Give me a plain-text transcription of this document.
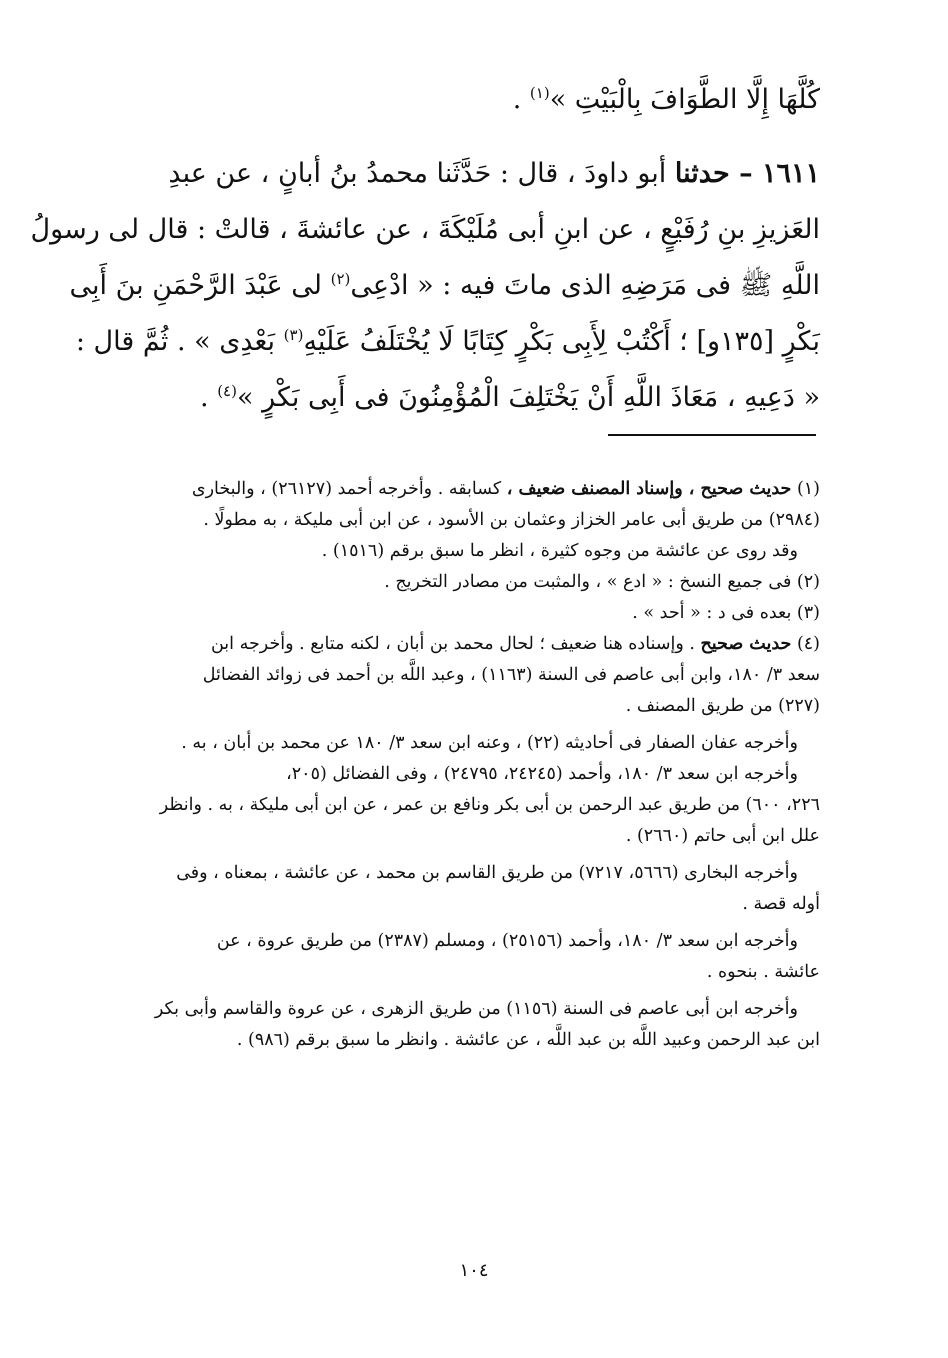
كُلَّهَا إِلَّا الطَّوَافَ بِالْبَيْتِ »$^{(١)}$ .
١٦١١ – حدثنا أبو داودَ ، قال : حَدَّثَنا محمدُ بنُ أبانٍ ، عن عبدِ
العَزيزِ بنِ رُفَيْعٍ ، عن ابنِ أبى مُلَيْكَةَ ، عن عائشةَ ، قالتْ : قال لى رسولُ
اللَّهِ ﷺ فى مَرَضِهِ الذى ماتَ فيه : « ادْعِى$^{(٢)}$ لى عَبْدَ الرَّحْمَنِ بنَ أَبِى
بَكْرٍ [١٣٥و] ؛ أَكْتُبْ لِأَبِى بَكْرٍ كِتَابًا لَا يُخْتَلَفُ عَلَيْهِ$^{(٣)}$ بَعْدِى » . ثُمَّ قال :
« دَعِيهِ ، مَعَاذَ اللَّهِ أَنْ يَخْتَلِفَ الْمُؤْمِنُونَ فى أَبِى بَكْرٍ »$^{(٤)}$ .
(١) حديث صحيح ، وإسناد المصنف ضعيف ، كسابقه . وأخرجه أحمد (٢٦١٢٧) ، والبخارى
(٢٩٨٤) من طريق أبى عامر الخزاز وعثمان بن الأسود ، عن ابن أبى مليكة ، به مطولًا .
وقد روى عن عائشة من وجوه كثيرة ، انظر ما سبق برقم (١٥١٦) .
(٢) فى جميع النسخ : « ادع » ، والمثبت من مصادر التخريج .
(٣) بعده فى د : « أحد » .
(٤) حديث صحيح . وإسناده هنا ضعيف ؛ لحال محمد بن أبان ، لكنه متابع . وأخرجه ابن
سعد ٣/ ١٨٠، وابن أبى عاصم فى السنة (١١٦٣) ، وعبد اللَّه بن أحمد فى زوائد الفضائل
(٢٢٧) من طريق المصنف .
وأخرجه عفان الصفار فى أحاديثه (٢٢) ، وعنه ابن سعد ٣/ ١٨٠ عن محمد بن أبان ، به .
وأخرجه ابن سعد ٣/ ١٨٠، وأحمد (٢٤٢٤٥، ٢٤٧٩٥) ، وفى الفضائل (٢٠٥،
٢٢٦، ٦٠٠) من طريق عبد الرحمن بن أبى بكر ونافع بن عمر ، عن ابن أبى مليكة ، به . وانظر
علل ابن أبى حاتم (٢٦٦٠) .
وأخرجه البخارى (٥٦٦٦، ٧٢١٧) من طريق القاسم بن محمد ، عن عائشة ، بمعناه ، وفى
أوله قصة .
وأخرجه ابن سعد ٣/ ١٨٠، وأحمد (٢٥١٥٦) ، ومسلم (٢٣٨٧) من طريق عروة ، عن
عائشة . بنحوه .
وأخرجه ابن أبى عاصم فى السنة (١١٥٦) من طريق الزهرى ، عن عروة والقاسم وأبى بكر
ابن عبد الرحمن وعبيد اللَّه بن عبد اللَّه ، عن عائشة . وانظر ما سبق برقم (٩٨٦) .
١٠٤
